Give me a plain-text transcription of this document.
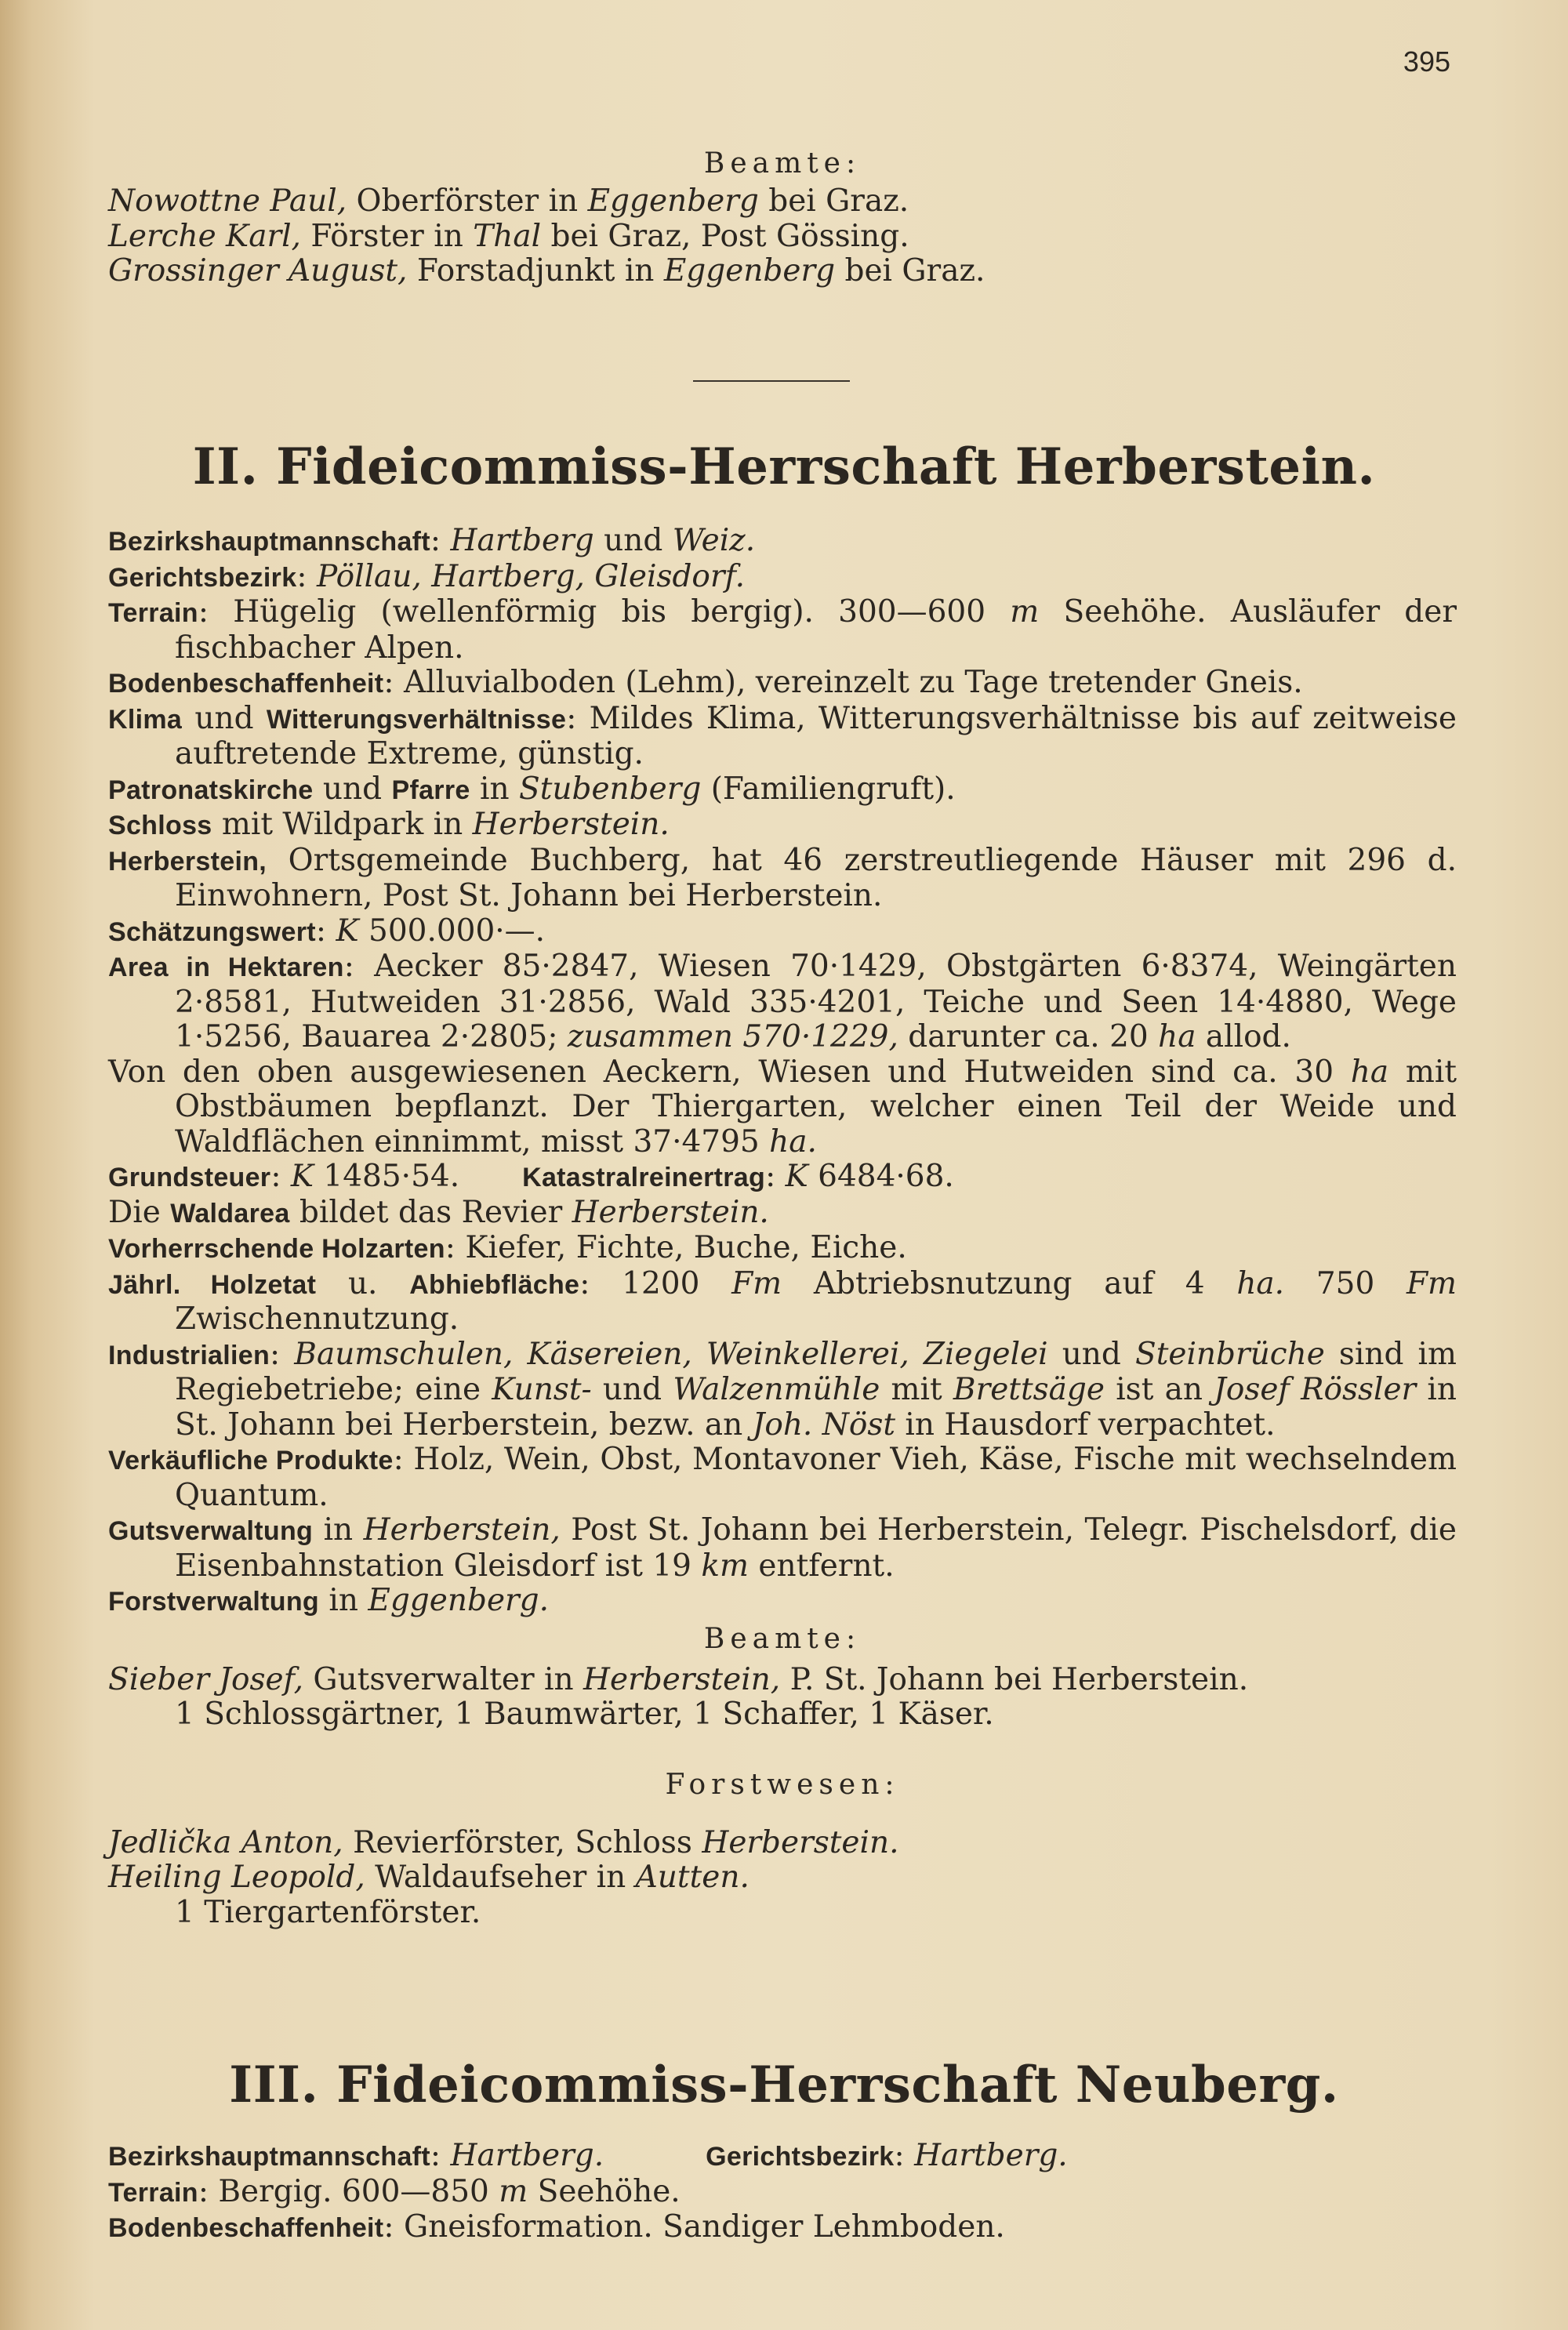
395

Beamte:

Nowottne Paul, Oberförster in Eggenberg bei Graz.

Lerche Karl, Förster in Thal bei Graz, Post Gössing.

Grossinger August, Forstadjunkt in Eggenberg bei Graz.

II. Fideicommiss-Herrschaft Herberstein.

Bezirkshauptmannschaft: Hartberg und Weiz.

Gerichtsbezirk: Pöllau, Hartberg, Gleisdorf.

Terrain: Hügelig (wellenförmig bis bergig). 300—600 m Seehöhe. Ausläufer der fischbacher Alpen.

Bodenbeschaffenheit: Alluvialboden (Lehm), vereinzelt zu Tage tretender Gneis.

Klima und Witterungsverhältnisse: Mildes Klima, Witterungsverhältnisse bis auf zeitweise auftretende Extreme, günstig.

Patronatskirche und Pfarre in Stubenberg (Familiengruft).

Schloss mit Wildpark in Herberstein.

Herberstein, Ortsgemeinde Buchberg, hat 46 zerstreutliegende Häuser mit 296 d. Einwohnern, Post St. Johann bei Herberstein.

Schätzungswert: K 500.000·—.

Area in Hektaren: Aecker 85·2847, Wiesen 70·1429, Obstgärten 6·8374, Weingärten 2·8581, Hutweiden 31·2856, Wald 335·4201, Teiche und Seen 14·4880, Wege 1·5256, Bauarea 2·2805; zusammen 570·1229, darunter ca. 20 ha allod.

Von den oben ausgewiesenen Aeckern, Wiesen und Hutweiden sind ca. 30 ha mit Obstbäumen bepflanzt. Der Thiergarten, welcher einen Teil der Weide und Waldflächen einnimmt, misst 37·4795 ha.

Grundsteuer: K 1485·54. Katastralreinertrag: K 6484·68.

Die Waldarea bildet das Revier Herberstein.

Vorherrschende Holzarten: Kiefer, Fichte, Buche, Eiche.

Jährl. Holzetat u. Abhiebfläche: 1200 Fm Abtriebsnutzung auf 4 ha. 750 Fm Zwischennutzung.

Industrialien: Baumschulen, Käsereien, Weinkellerei, Ziegelei und Steinbrüche sind im Regiebetriebe; eine Kunst- und Walzenmühle mit Brettsäge ist an Josef Rössler in St. Johann bei Herberstein, bezw. an Joh. Nöst in Hausdorf verpachtet.

Verkäufliche Produkte: Holz, Wein, Obst, Montavoner Vieh, Käse, Fische mit wechselndem Quantum.

Gutsverwaltung in Herberstein, Post St. Johann bei Herberstein, Telegr. Pischelsdorf, die Eisenbahnstation Gleisdorf ist 19 km entfernt.

Forstverwaltung in Eggenberg.

Beamte:

Sieber Josef, Gutsverwalter in Herberstein, P. St. Johann bei Herberstein.

1 Schlossgärtner, 1 Baumwärter, 1 Schaffer, 1 Käser.

Forstwesen:

Jedlička Anton, Revierförster, Schloss Herberstein.

Heiling Leopold, Waldaufseher in Autten.

1 Tiergartenförster.

III. Fideicommiss-Herrschaft Neuberg.

Bezirkshauptmannschaft: Hartberg.	Gerichtsbezirk: Hartberg.

Terrain: Bergig. 600—850 m Seehöhe.

Bodenbeschaffenheit: Gneisformation. Sandiger Lehmboden.
